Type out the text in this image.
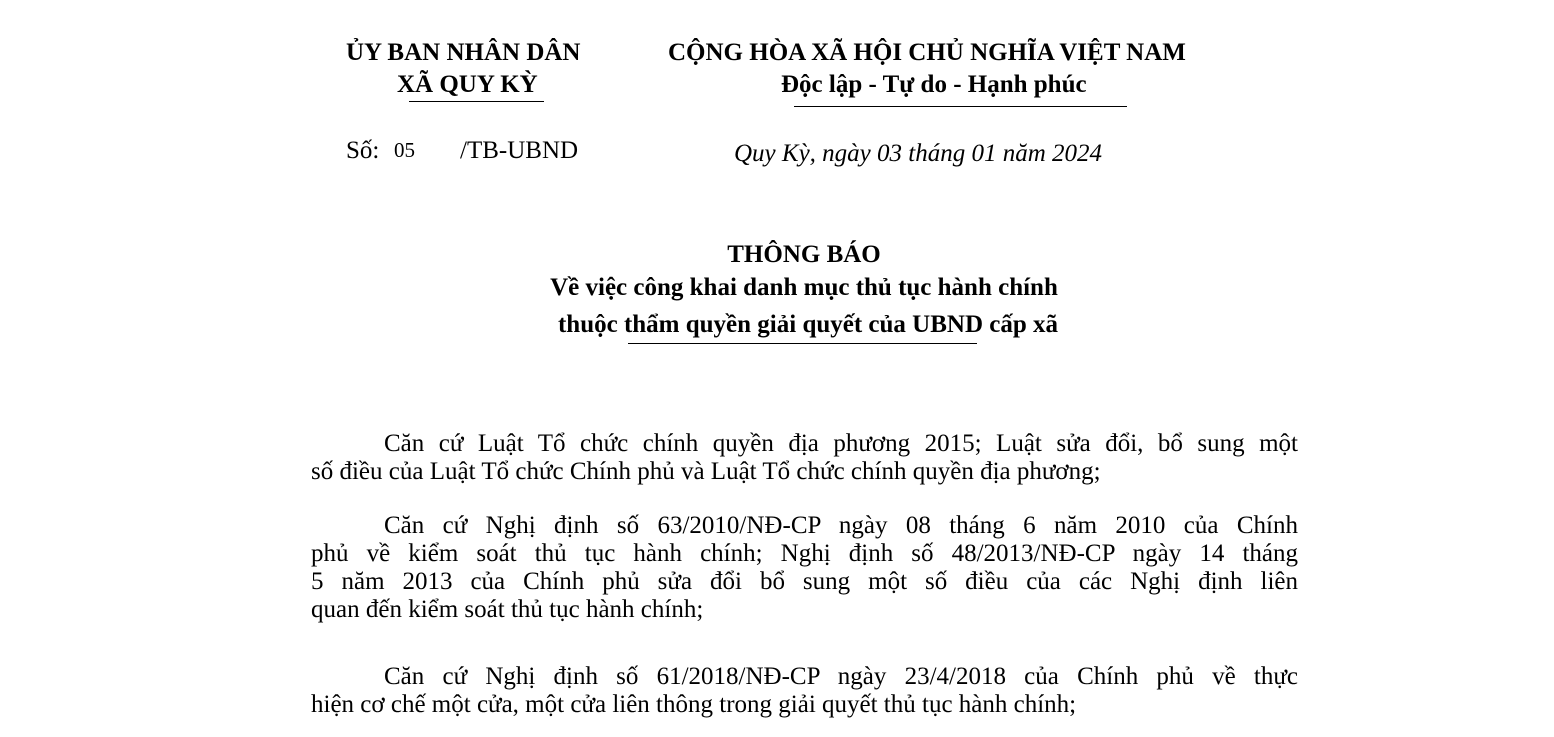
ỦY BAN NHÂN DÂN
XÃ QUY KỲ
CỘNG HÒA XÃ HỘI CHỦ NGHĨA VIỆT NAM
Độc lập - Tự do - Hạnh phúc
Số: 05 /TB-UBND	Quy Kỳ, ngày 03 tháng 01 năm 2024
THÔNG BÁO
Về việc công khai danh mục thủ tục hành chính
thuộc thẩm quyền giải quyết của UBND cấp xã
Căn cứ Luật Tổ chức chính quyền địa phương 2015; Luật sửa đổi, bổ sung một
số điều của Luật Tổ chức Chính phủ và Luật Tổ chức chính quyền địa phương;
Căn cứ Nghị định số 63/2010/NĐ-CP ngày 08 tháng 6 năm 2010 của Chính
phủ về kiểm soát thủ tục hành chính; Nghị định số 48/2013/NĐ-CP ngày 14 tháng
5 năm 2013 của Chính phủ sửa đổi bổ sung một số điều của các Nghị định liên
quan đến kiểm soát thủ tục hành chính;
Căn cứ Nghị định số 61/2018/NĐ-CP ngày 23/4/2018 của Chính phủ về thực
hiện cơ chế một cửa, một cửa liên thông trong giải quyết thủ tục hành chính;
